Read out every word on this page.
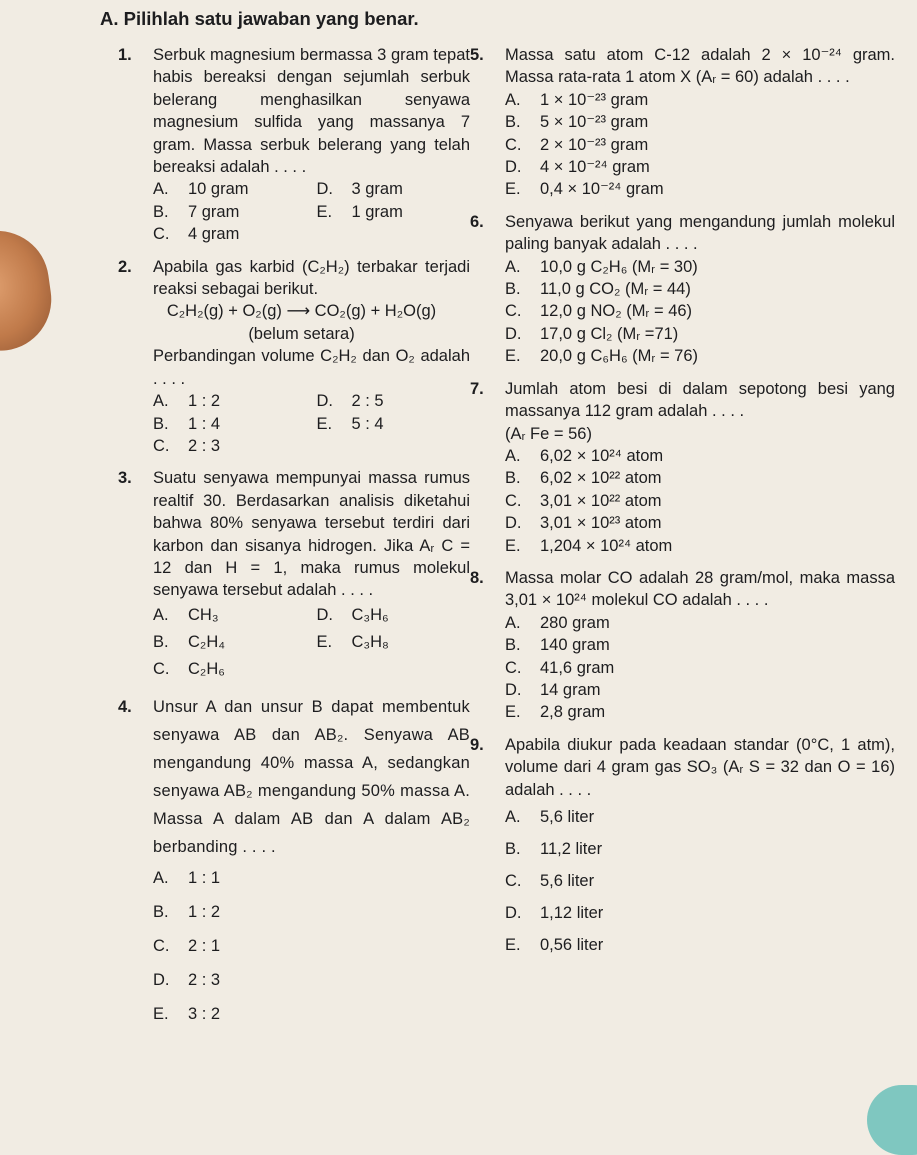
A. Pilihlah satu jawaban yang benar.
1. Serbuk magnesium bermassa 3 gram tepat habis bereaksi dengan sejumlah serbuk belerang menghasilkan senyawa magnesium sulfida yang massanya 7 gram. Massa serbuk belerang yang telah bereaksi adalah . . . .
A.	10 gram	D.	3 gram
B.	7 gram	E.	1 gram
C.	4 gram
2. Apabila gas karbid (C₂H₂) terbakar terjadi reaksi sebagai berikut.
C₂H₂(g) + O₂(g) ⟶ CO₂(g) + H₂O(g)
(belum setara)
Perbandingan volume C₂H₂ dan O₂ adalah . . . .
A.	1 : 2	D.	2 : 5
B.	1 : 4	E.	5 : 4
C.	2 : 3
3. Suatu senyawa mempunyai massa rumus realtif 30. Berdasarkan analisis diketahui bahwa 80% senyawa tersebut terdiri dari karbon dan sisanya hidrogen. Jika Aᵣ C = 12 dan H = 1, maka rumus molekul senyawa tersebut adalah . . . .
A.	CH₃	D.	C₃H₆
B.	C₂H₄	E.	C₃H₈
C.	C₂H₆
4. Unsur A dan unsur B dapat membentuk senyawa AB dan AB₂. Senyawa AB mengandung 40% massa A, sedangkan senyawa AB₂ mengandung 50% massa A. Massa A dalam AB dan A dalam AB₂ berbanding . . . .
A.	1 : 1
B.	1 : 2
C.	2 : 1
D.	2 : 3
E.	3 : 2
5. Massa satu atom C-12 adalah 2 × 10⁻²⁴ gram. Massa rata-rata 1 atom X (Aᵣ = 60) adalah . . . .
A.	1 × 10⁻²³ gram
B.	5 × 10⁻²³ gram
C.	2 × 10⁻²³ gram
D.	4 × 10⁻²⁴ gram
E.	0,4 × 10⁻²⁴ gram
6. Senyawa berikut yang mengandung jumlah molekul paling banyak adalah . . . .
A.	10,0 g C₂H₆ (Mᵣ = 30)
B.	11,0 g CO₂ (Mᵣ = 44)
C.	12,0 g NO₂ (Mᵣ = 46)
D.	17,0 g Cl₂ (Mᵣ =71)
E.	20,0 g C₆H₆ (Mᵣ = 76)
7. Jumlah atom besi di dalam sepotong besi yang massanya 112 gram adalah . . . .
(Aᵣ Fe = 56)
A.	6,02 × 10²⁴ atom
B.	6,02 × 10²² atom
C.	3,01 × 10²² atom
D.	3,01 × 10²³ atom
E.	1,204 × 10²⁴ atom
8. Massa molar CO adalah 28 gram/mol, maka massa 3,01 × 10²⁴ molekul CO adalah . . . .
A.	280 gram
B.	140 gram
C.	41,6 gram
D.	14 gram
E.	2,8 gram
9. Apabila diukur pada keadaan standar (0°C, 1 atm), volume dari 4 gram gas SO₃ (Aᵣ S = 32 dan O = 16) adalah . . . .
A.	5,6 liter
B.	11,2 liter
C.	5,6 liter
D.	1,12 liter
E.	0,56 liter
